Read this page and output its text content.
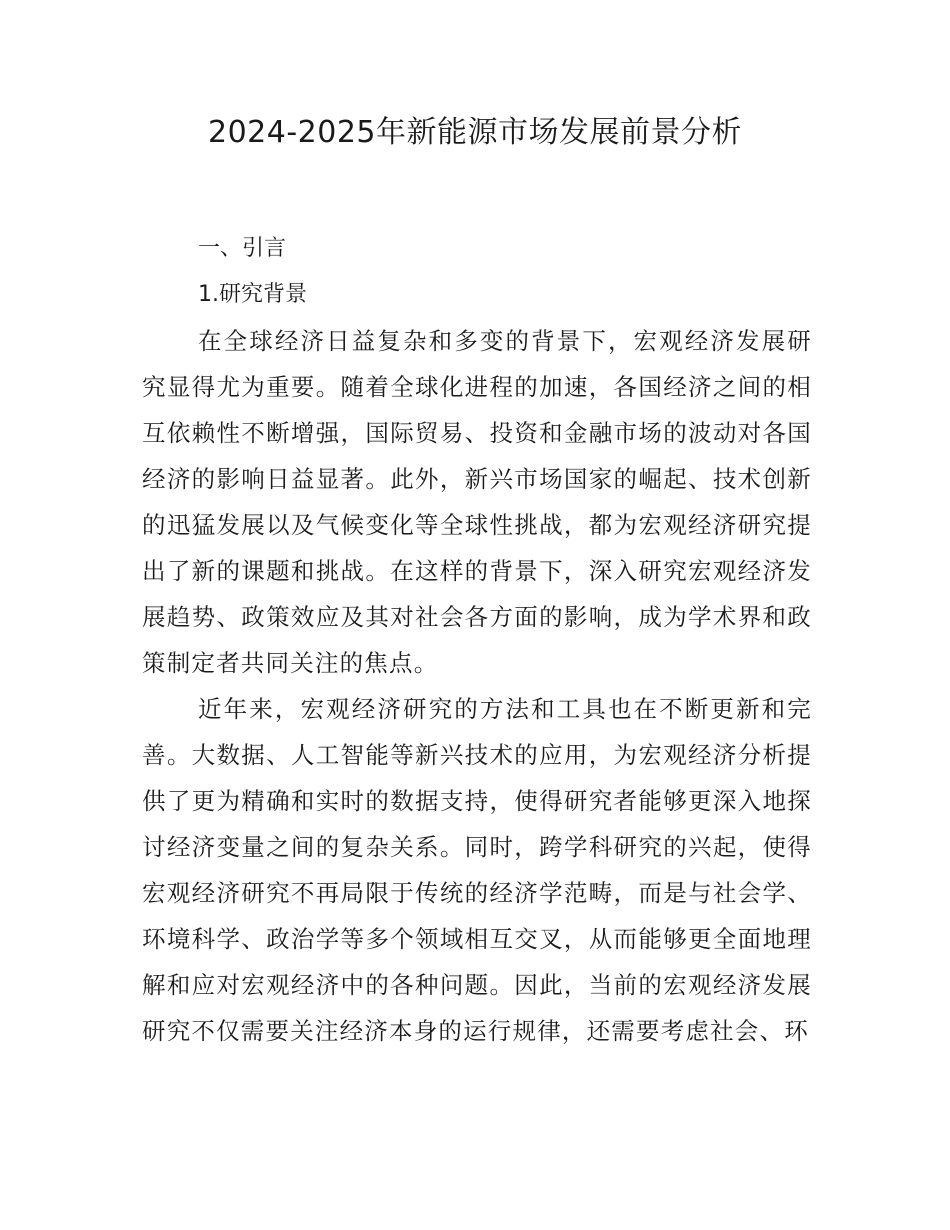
2024-2025年新能源市场发展前景分析
一、引言
1.研究背景

在全球经济日益复杂和多变的背景下，宏观经济发展研究显得尤为重要。随着全球化进程的加速，各国经济之间的相互依赖性不断增强，国际贸易、投资和金融市场的波动对各国经济的影响日益显著。此外，新兴市场国家的崛起、技术创新的迅猛发展以及气候变化等全球性挑战，都为宏观经济研究提出了新的课题和挑战。在这样的背景下，深入研究宏观经济发展趋势、政策效应及其对社会各方面的影响，成为学术界和政策制定者共同关注的焦点。

近年来，宏观经济研究的方法和工具也在不断更新和完善。大数据、人工智能等新兴技术的应用，为宏观经济分析提供了更为精确和实时的数据支持，使得研究者能够更深入地探讨经济变量之间的复杂关系。同时，跨学科研究的兴起，使得宏观经济研究不再局限于传统的经济学范畴，而是与社会学、环境科学、政治学等多个领域相互交叉，从而能够更全面地理解和应对宏观经济中的各种问题。因此，当前的宏观经济发展研究不仅需要关注经济本身的运行规律，还需要考虑社会、环
